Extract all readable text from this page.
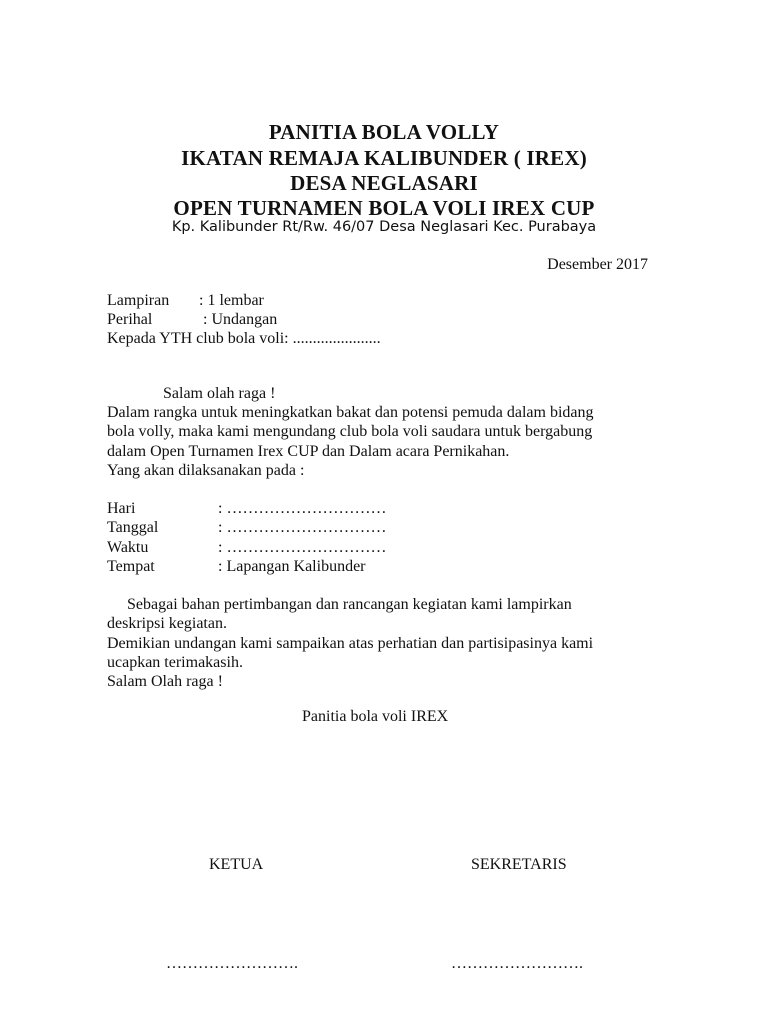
PANITIA BOLA VOLLY
IKATAN REMAJA KALIBUNDER ( IREX)
DESA NEGLASARI
OPEN TURNAMEN BOLA VOLI IREX CUP
Kp. Kalibunder Rt/Rw. 46/07 Desa Neglasari Kec. Purabaya
Desember 2017
Lampiran : 1 lembar
Perihal	: Undangan
Kepada YTH club bola voli: ......................
Salam olah raga !

Dalam rangka untuk meningkatkan bakat dan potensi pemuda dalam bidang

bola volly, maka kami mengundang club bola voli saudara untuk bergabung

dalam Open Turnamen Irex CUP dan Dalam acara Pernikahan.

Yang akan dilaksanakan pada :

Hari	: …………………………
Tanggal	: …………………………
Waktu	: …………………………
Tempat	: Lapangan Kalibunder

Sebagai bahan pertimbangan dan rancangan kegiatan kami lampirkan

deskripsi kegiatan.

Demikian undangan kami sampaikan atas perhatian dan partisipasinya kami

ucapkan terimakasih.

Salam Olah raga !

Panitia bola voli IREX
KETUA	SEKRETARIS
…………………….	…………………….
